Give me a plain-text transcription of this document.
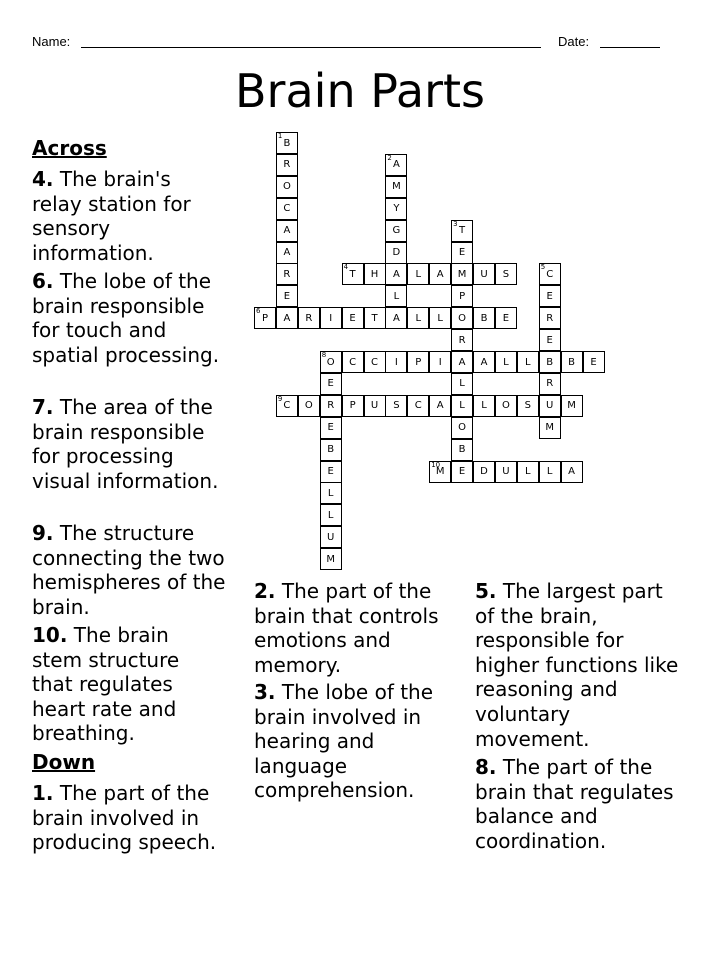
Name:	Date:
Brain Parts
1
B
R
O
C
A
A
R
E
2
A
M
Y
G
D
A
L
A
3
T
E
M
P
O
R
A
L
L
O
B
E
4
T	H	L	A	U	S
5
C
E
R
E
B
R
U
M
6
P	A	R	I	E	T	L	L	B	E
8
O	C	C	I	P	I	A	L	L	B	E
E
R
E
B
E
L
L
U
M
9
C	O	P	U	S	C	A	L	O	S	M
10
M	D	U	L	L	A
Across
4. The brain's relay station for sensory information.
6. The lobe of the brain responsible for touch and spatial processing.
7. The area of the brain responsible for processing visual information.
9. The structure connecting the two hemispheres of the brain.
10. The brain stem structure that regulates heart rate and breathing.
Down
1. The part of the brain involved in producing speech.
2. The part of the brain that controls emotions and memory.
3. The lobe of the brain involved in hearing and language comprehension.
5. The largest part of the brain, responsible for higher functions like reasoning and voluntary movement.
8. The part of the brain that regulates balance and coordination.
